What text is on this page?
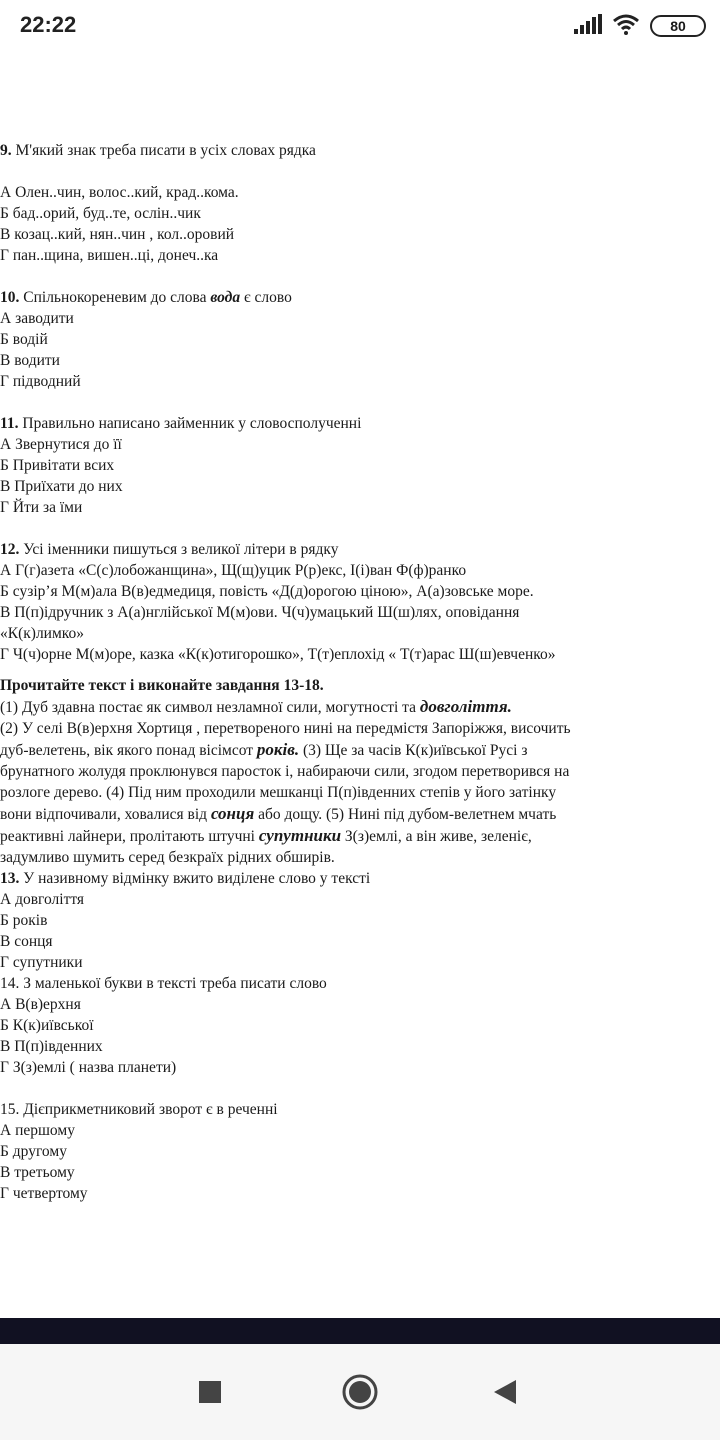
22:22	80
9. М'який знак треба писати в усіх словах рядка
А Олен..чин, волос..кий, крад..кома.
Б бад..орий, буд..те, ослін..чик
В козац..кий, нян..чин , кол..оровий
Г пан..щина, вишен..ці, донеч..ка
10. Спільнокореневим до слова вода є слово
А заводити
Б водій
В водити
Г підводний
11. Правильно написано займенник у словосполученні
А Звернутися до її
Б Привітати всих
В Приїхати до них
Г Йти за їми
12. Усі іменники пишуться з великої літери в рядку
А Г(г)азета «С(с)лобожанщина», Щ(щ)уцик Р(р)екс, І(і)ван Ф(ф)ранко
Б сузір’я М(м)ала В(в)едмедиця, повість «Д(д)орогою ціною», А(а)зовське море.
В П(п)ідручник з А(а)нглійської М(м)ови. Ч(ч)умацький Ш(ш)лях, оповідання
«К(к)лимко»
Г Ч(ч)орне М(м)оре, казка «К(к)отигорошко», Т(т)еплохід « Т(т)арас Ш(ш)евченко»
Прочитайте текст і виконайте завдання 13-18.
(1) Дуб здавна постає як символ незламної сили, могутності та довголіття.
(2) У селі В(в)ерхня Хортиця , перетвореного нині на передмістя Запоріжжя, височить
дуб-велетень, вік якого понад вісімсот років. (3) Ще за часів К(к)иївської Русі з
брунатного жолудя проклюнувся паросток і, набираючи сили, згодом перетворився на
розлоге дерево. (4) Під ним проходили мешканці П(п)івденних степів у його затінку
вони відпочивали, ховалися від сонця або дощу. (5) Нині під дубом-велетнем мчать
реактивні лайнери, пролітають штучні супутники З(з)емлі, а він живе, зеленіє,
задумливо шумить серед безкраїх рідних обширів.
13. У називному відмінку вжито виділене слово у тексті
А довголіття
Б років
В сонця
Г супутники
14. З маленької букви в тексті треба писати слово
А В(в)ерхня
Б К(к)иївської
В П(п)івденних
Г З(з)емлі ( назва планети)
15. Дієприкметниковий зворот є в реченні
А першому
Б другому
В третьому
Г четвертому
